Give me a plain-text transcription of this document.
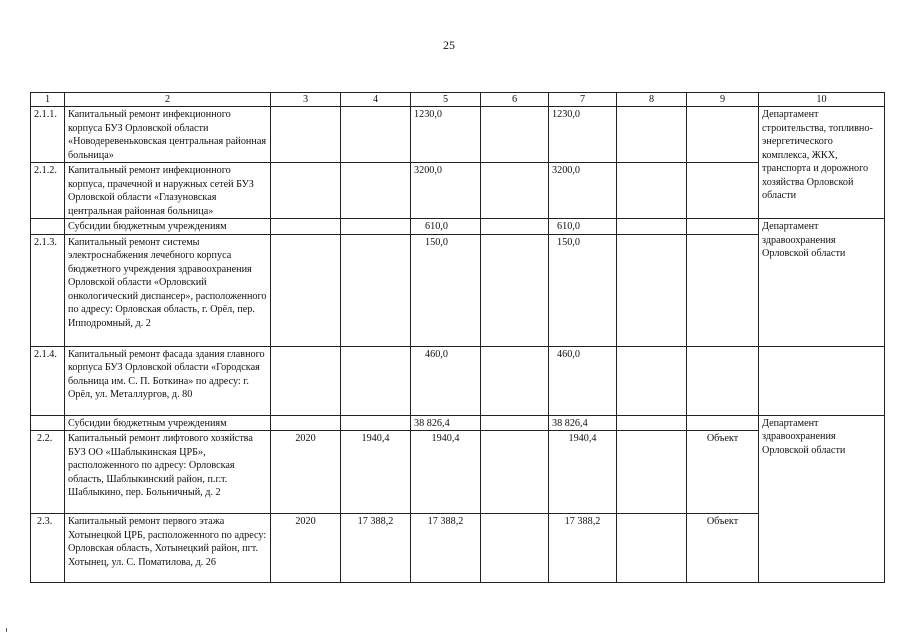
25
1	2	3	4	5	6	7	8	9	10
2.1.1.	Капитальный ремонт инфекционного корпуса БУЗ Орловской области «Новодеревеньковская центральная районная больница»			1230,0		1230,0			Департамент строительства, топливно-энергетического комплекса, ЖКХ, транспорта и дорожного хозяйства Орловской области
2.1.2.	Капитальный ремонт инфекционного корпуса, прачечной и наружных сетей БУЗ Орловской области «Глазуновская центральная районная больница»			3200,0		3200,0			
	Субсидии бюджетным учреждениям			610,0		610,0			Департамент здравоохранения Орловской области
2.1.3.	Капитальный ремонт системы электроснабжения лечебного корпуса бюджетного учреждения здравоохранения Орловской области «Орловский онкологический диспансер», расположенного по адресу: Орловская область, г. Орёл, пер. Ипподромный, д. 2			150,0		150,0			
2.1.4.	Капитальный ремонт фасада здания главного корпуса БУЗ Орловской области «Городская больница им. С. П. Боткина» по адресу: г. Орёл, ул. Металлургов, д. 80			460,0		460,0			
	Субсидии бюджетным учреждениям			38 826,4		38 826,4			Департамент здравоохранения Орловской области
2.2.	Капитальный ремонт лифтового хозяйства БУЗ ОО «Шаблыкинская ЦРБ», расположенного по адресу: Орловская область, Шаблыкинский район, п.г.т. Шаблыкино, пер. Больничный, д. 2	2020	1940,4	1940,4		1940,4		Объект	
2.3.	Капитальный ремонт первого этажа Хотынецкой ЦРБ, расположенного по адресу: Орловская область, Хотынецкий район, пгт. Хотынец, ул. С. Поматилова, д. 26	2020	17 388,2	17 388,2		17 388,2		Объект	
